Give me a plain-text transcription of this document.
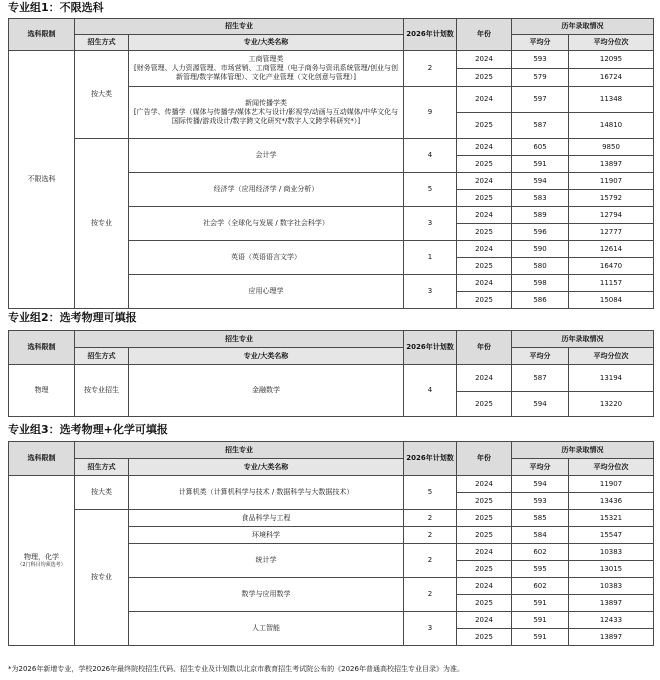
专业组1：不限选科
选科限制	招生专业		2026年计划数	年份	历年录取情况	
	招生方式	专业/大类名称			平均分	平均分位次
不限选科	按大类	工商管理类
[财务管理、人力资源管理、市场营销、工商管理（电子商务与资讯系统管理/创业与创新管理/数字媒体管理）、文化产业管理（文化创意与管理）]	2	2024	593	12095
				2025	579	16724

		新闻传播学类
[广告学、传播学（媒体与传播学/媒体艺术与设计/影视学/动画与互动媒体/中华文化与国际传播/游戏设计/数字跨文化研究*/数字人文跨学科研究*）]	9	2024	597	11348
				2025	587	14810
	按专业	会计学	4	2024	605	9850
				2025	591	13897
		经济学（应用经济学 / 商业分析）	5	2024	594	11907
				2025	583	15792
		社会学（全球化与发展 / 数字社会科学）	3	2024	589	12794
				2025	596	12777
		英语（英语语言文学）	1	2024	590	12614
				2025	580	16470
		应用心理学	3	2024	598	11157
				2025	586	15084
专业组2：选考物理可填报
选科限制	招生专业		2026年计划数	年份	历年录取情况	
	招生方式	专业/大类名称			平均分	平均分位次
物理	按专业招生	金融数学	4	2024	587	13194
				2025	594	13220
专业组3：选考物理+化学可填报
选科限制	招生专业		2026年计划数	年份	历年录取情况	
	招生方式	专业/大类名称			平均分	平均分位次
物理，化学
（2门科目均须选考）	按大类	计算机类（计算机科学与技术 / 数据科学与大数据技术）	5	2024	594	11907
				2025	593	13436
	按专业	食品科学与工程	2	2025	585	15321
		环境科学	2	2025	584	15547
		统计学	2	2024	602	10383
				2025	595	13015
		数学与应用数学	2	2024	602	10383
				2025	591	13897
		人工智能	3	2024	591	12433
				2025	591	13897
*为2026年新增专业，学校2026年最终院校招生代码、招生专业及计划数以北京市教育招生考试院公布的《2026年普通高校招生专业目录》为准。
